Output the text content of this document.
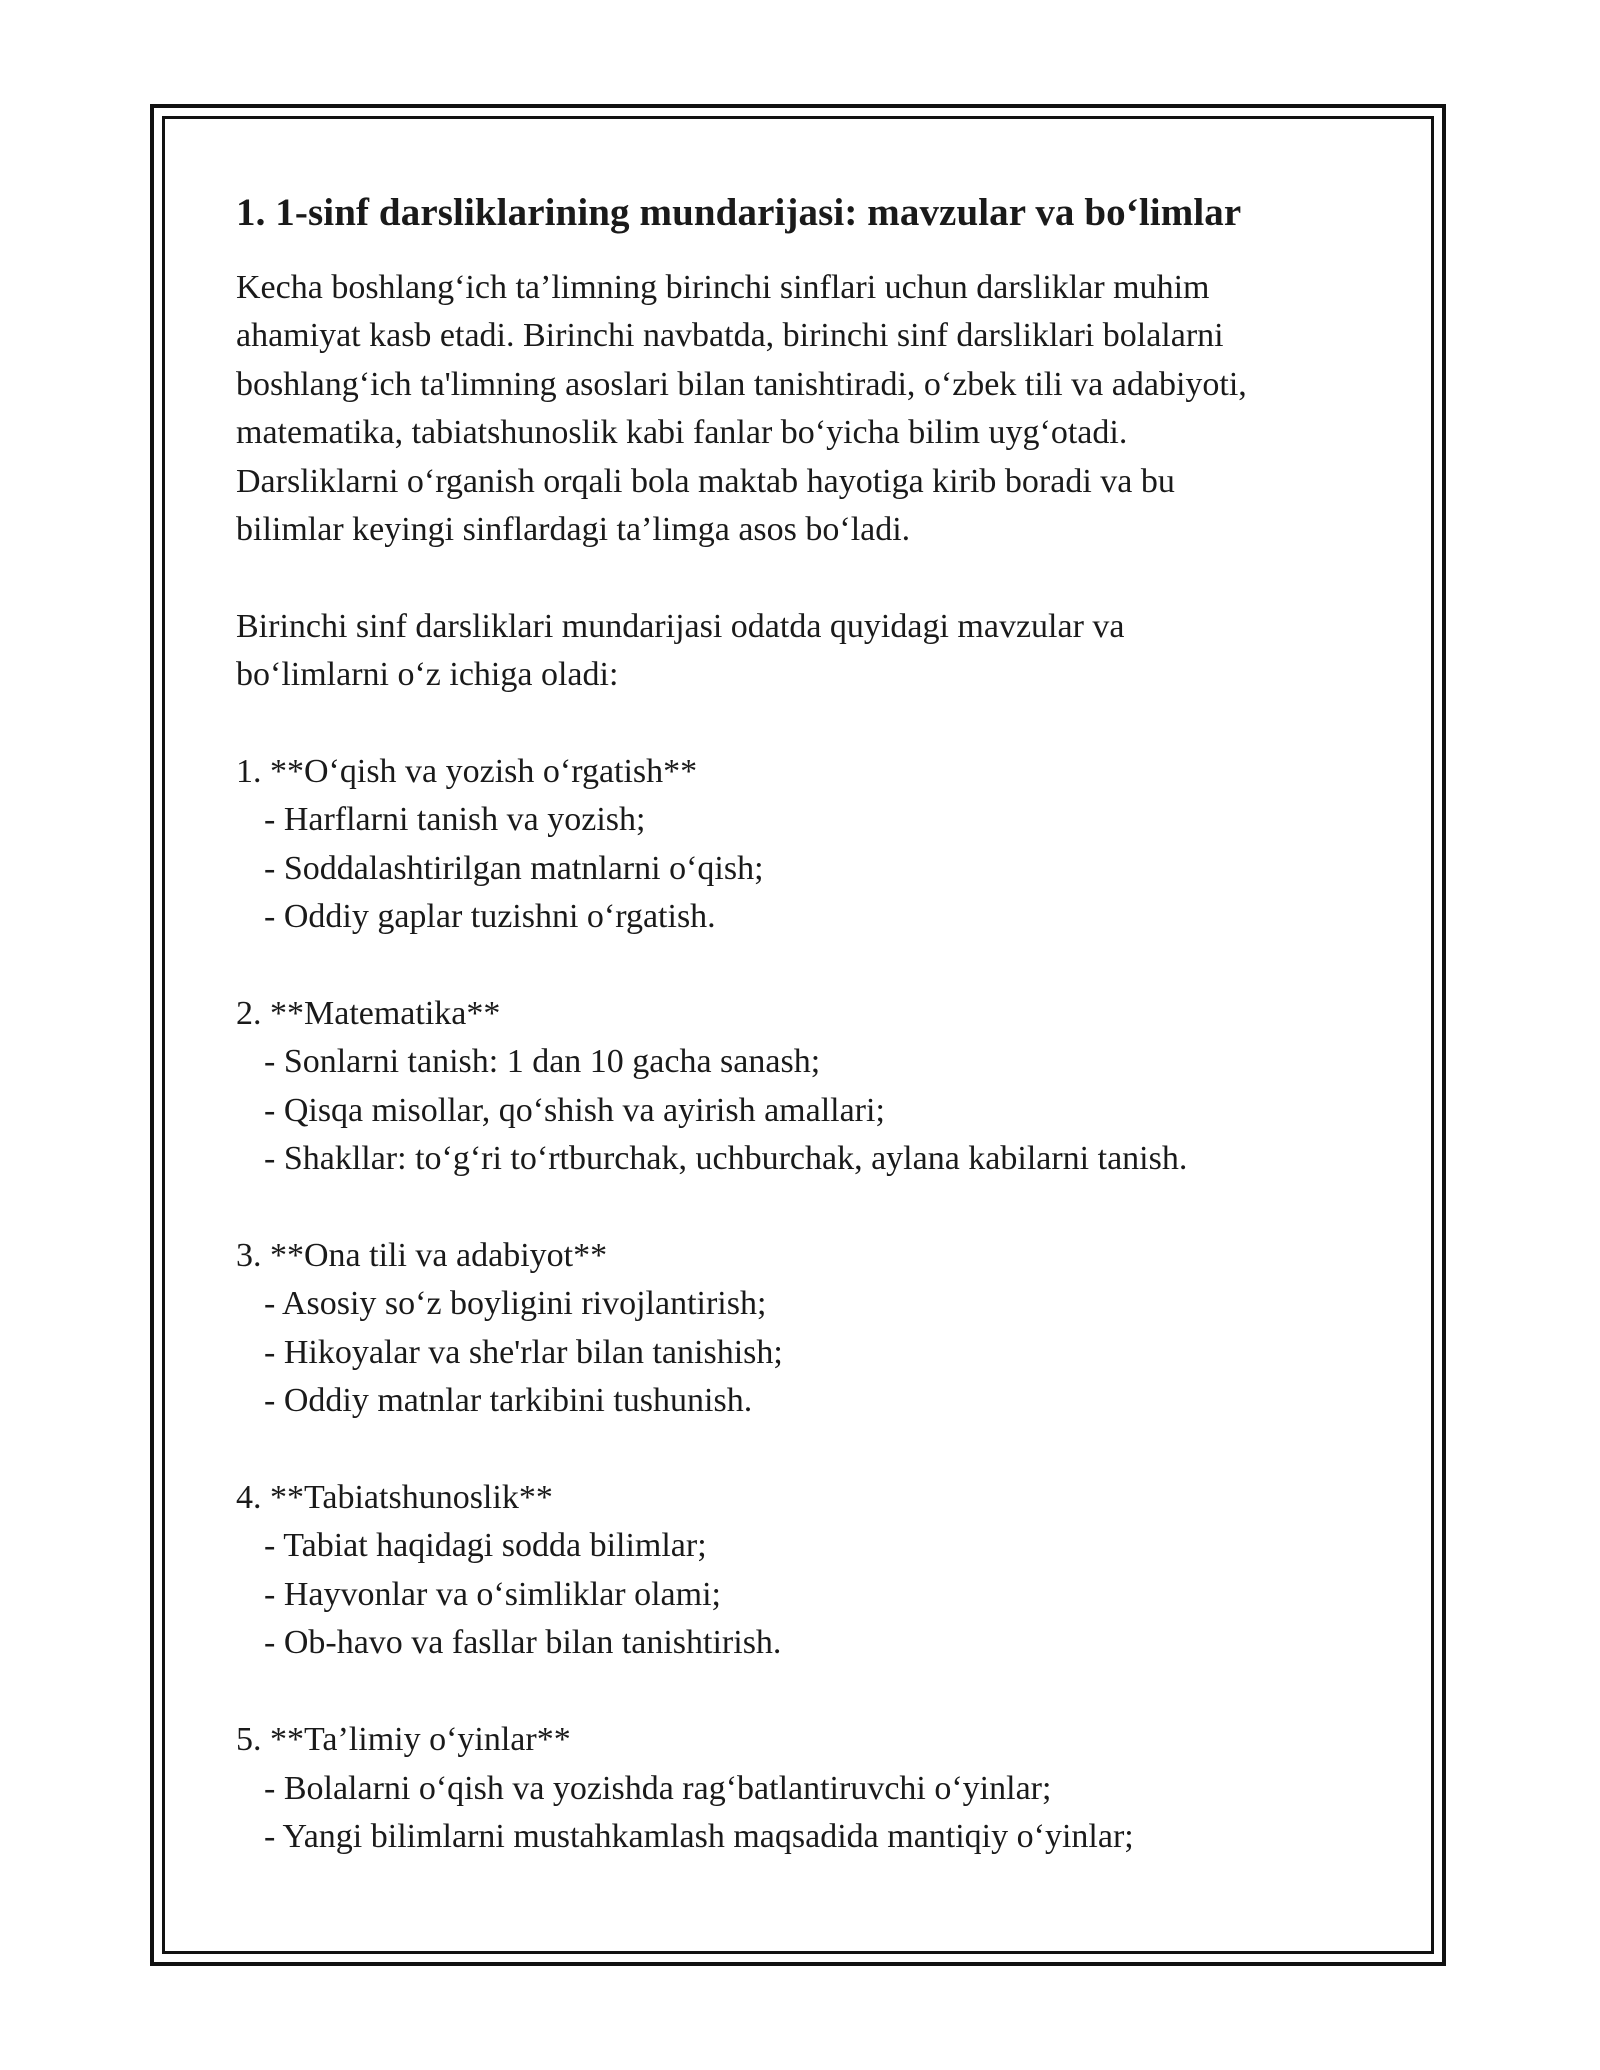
1. 1-sinf darsliklarining mundarijasi: mavzular va bo‘limlar

Kecha boshlang‘ich ta’limning birinchi sinflari uchun darsliklar muhim

ahamiyat kasb etadi. Birinchi navbatda, birinchi sinf darsliklari bolalarni

boshlang‘ich ta'limning asoslari bilan tanishtiradi, o‘zbek tili va adabiyoti,

matematika, tabiatshunoslik kabi fanlar bo‘yicha bilim uyg‘otadi.

Darsliklarni o‘rganish orqali bola maktab hayotiga kirib boradi va bu

bilimlar keyingi sinflardagi ta’limga asos bo‘ladi.

Birinchi sinf darsliklari mundarijasi odatda quyidagi mavzular va

bo‘limlarni o‘z ichiga oladi:

1. **O‘qish va yozish o‘rgatish**

- Harflarni tanish va yozish;

- Soddalashtirilgan matnlarni o‘qish;

- Oddiy gaplar tuzishni o‘rgatish.

2. **Matematika**

- Sonlarni tanish: 1 dan 10 gacha sanash;

- Qisqa misollar, qo‘shish va ayirish amallari;

- Shakllar: to‘g‘ri to‘rtburchak, uchburchak, aylana kabilarni tanish.

3. **Ona tili va adabiyot**

- Asosiy so‘z boyligini rivojlantirish;

- Hikoyalar va she'rlar bilan tanishish;

- Oddiy matnlar tarkibini tushunish.

4. **Tabiatshunoslik**

- Tabiat haqidagi sodda bilimlar;

- Hayvonlar va o‘simliklar olami;

- Ob-havo va fasllar bilan tanishtirish.

5. **Ta’limiy o‘yinlar**

- Bolalarni o‘qish va yozishda rag‘batlantiruvchi o‘yinlar;

- Yangi bilimlarni mustahkamlash maqsadida mantiqiy o‘yinlar;
